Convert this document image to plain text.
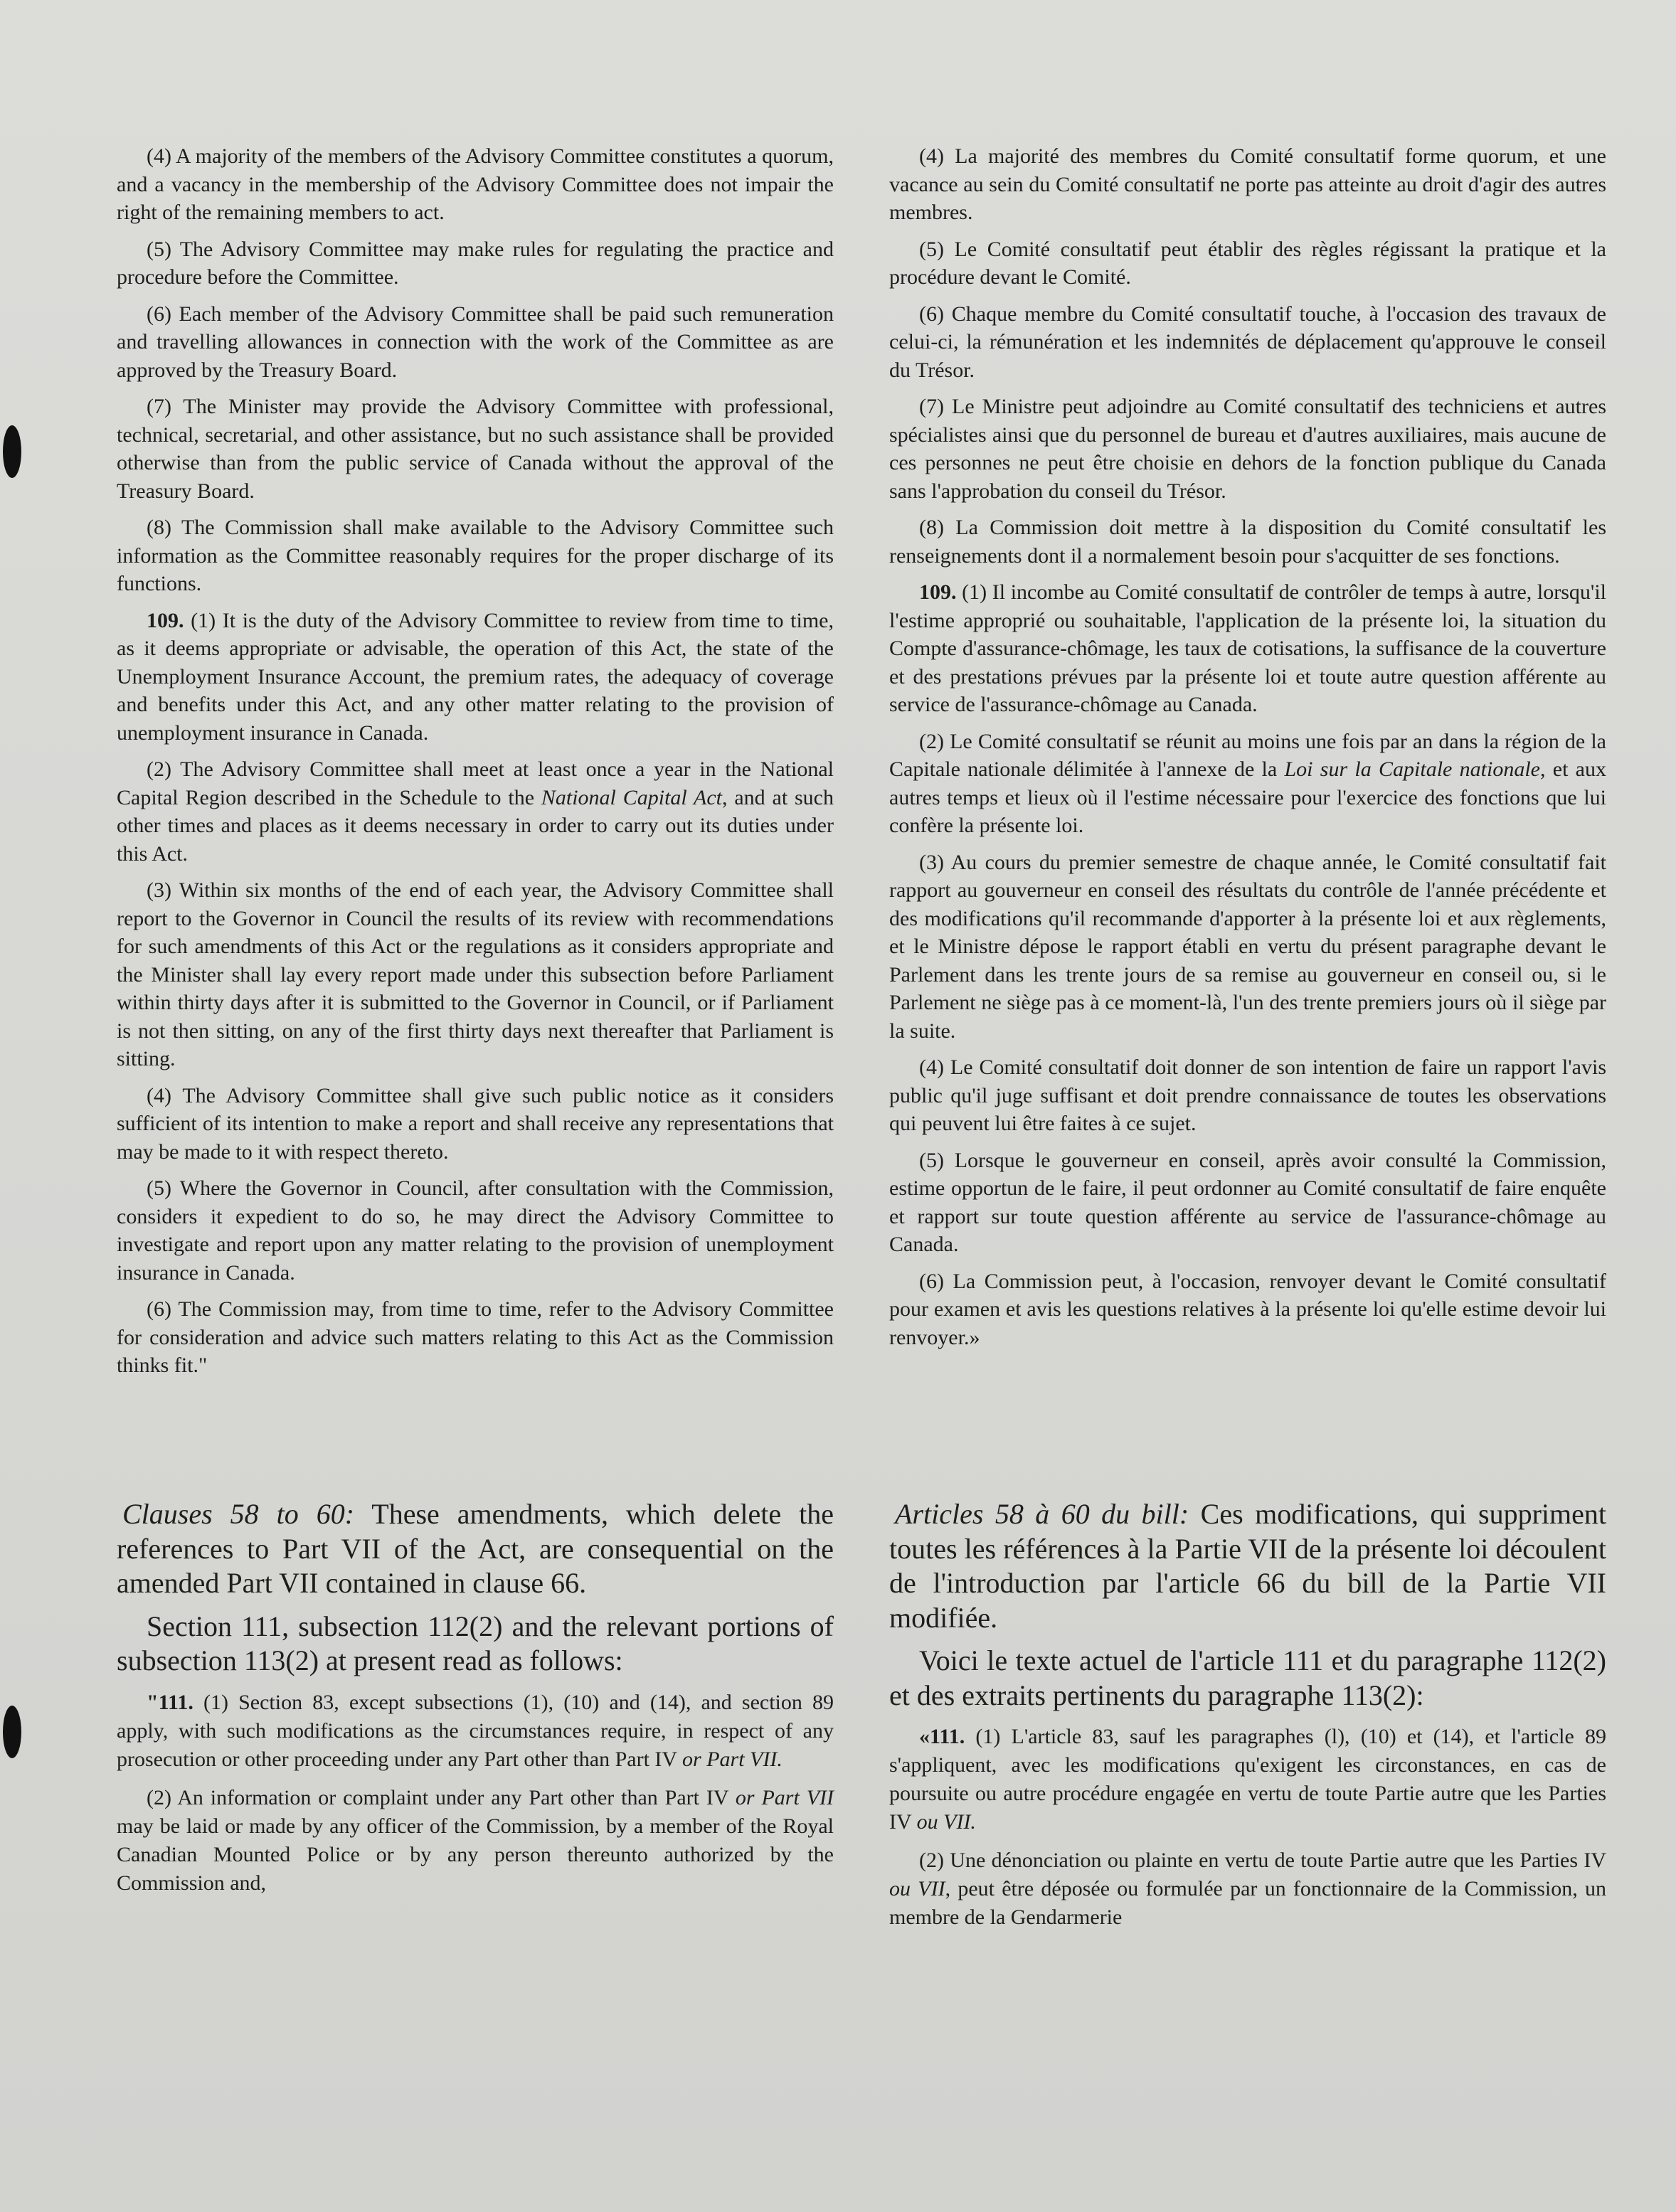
(4) A majority of the members of the Advisory Committee constitutes a quorum, and a vacancy in the membership of the Advisory Committee does not impair the right of the remaining members to act.

(5) The Advisory Committee may make rules for regulating the practice and procedure before the Committee.

(6) Each member of the Advisory Committee shall be paid such remuneration and travelling allowances in connection with the work of the Committee as are approved by the Treasury Board.

(7) The Minister may provide the Advisory Committee with professional, technical, secretarial, and other assistance, but no such assistance shall be provided otherwise than from the public service of Canada without the approval of the Treasury Board.

(8) The Commission shall make available to the Advisory Committee such information as the Committee reasonably requires for the proper discharge of its functions.

109. (1) It is the duty of the Advisory Committee to review from time to time, as it deems appropriate or advisable, the operation of this Act, the state of the Unemployment Insurance Account, the premium rates, the adequacy of coverage and benefits under this Act, and any other matter relating to the provision of unemployment insurance in Canada.

(2) The Advisory Committee shall meet at least once a year in the National Capital Region described in the Schedule to the National Capital Act, and at such other times and places as it deems necessary in order to carry out its duties under this Act.

(3) Within six months of the end of each year, the Advisory Committee shall report to the Governor in Council the results of its review with recommendations for such amendments of this Act or the regulations as it considers appropriate and the Minister shall lay every report made under this subsection before Parliament within thirty days after it is submitted to the Governor in Council, or if Parliament is not then sitting, on any of the first thirty days next thereafter that Parliament is sitting.

(4) The Advisory Committee shall give such public notice as it considers sufficient of its intention to make a report and shall receive any representations that may be made to it with respect thereto.

(5) Where the Governor in Council, after consultation with the Commission, considers it expedient to do so, he may direct the Advisory Committee to investigate and report upon any matter relating to the provision of unemployment insurance in Canada.

(6) The Commission may, from time to time, refer to the Advisory Committee for consideration and advice such matters relating to this Act as the Commission thinks fit."

Clauses 58 to 60: These amendments, which delete the references to Part VII of the Act, are consequential on the amended Part VII contained in clause 66.

Section 111, subsection 112(2) and the relevant portions of subsection 113(2) at present read as follows:

"111. (1) Section 83, except subsections (1), (10) and (14), and section 89 apply, with such modifications as the circumstances require, in respect of any prosecution or other proceeding under any Part other than Part IV or Part VII.

(2) An information or complaint under any Part other than Part IV or Part VII may be laid or made by any officer of the Commission, by a member of the Royal Canadian Mounted Police or by any person thereunto authorized by the Commission and,

(4) La majorité des membres du Comité consultatif forme quorum, et une vacance au sein du Comité consultatif ne porte pas atteinte au droit d'agir des autres membres.

(5) Le Comité consultatif peut établir des règles régissant la pratique et la procédure devant le Comité.

(6) Chaque membre du Comité consultatif touche, à l'occasion des travaux de celui-ci, la rémunération et les indemnités de déplacement qu'approuve le conseil du Trésor.

(7) Le Ministre peut adjoindre au Comité consultatif des techniciens et autres spécialistes ainsi que du personnel de bureau et d'autres auxiliaires, mais aucune de ces personnes ne peut être choisie en dehors de la fonction publique du Canada sans l'approbation du conseil du Trésor.

(8) La Commission doit mettre à la disposition du Comité consultatif les renseignements dont il a normalement besoin pour s'acquitter de ses fonctions.

109. (1) Il incombe au Comité consultatif de contrôler de temps à autre, lorsqu'il l'estime approprié ou souhaitable, l'application de la présente loi, la situation du Compte d'assurance-chômage, les taux de cotisations, la suffisance de la couverture et des prestations prévues par la présente loi et toute autre question afférente au service de l'assurance-chômage au Canada.

(2) Le Comité consultatif se réunit au moins une fois par an dans la région de la Capitale nationale délimitée à l'annexe de la Loi sur la Capitale nationale, et aux autres temps et lieux où il l'estime nécessaire pour l'exercice des fonctions que lui confère la présente loi.

(3) Au cours du premier semestre de chaque année, le Comité consultatif fait rapport au gouverneur en conseil des résultats du contrôle de l'année précédente et des modifications qu'il recommande d'apporter à la présente loi et aux règlements, et le Ministre dépose le rapport établi en vertu du présent paragraphe devant le Parlement dans les trente jours de sa remise au gouverneur en conseil ou, si le Parlement ne siège pas à ce moment-là, l'un des trente premiers jours où il siège par la suite.

(4) Le Comité consultatif doit donner de son intention de faire un rapport l'avis public qu'il juge suffisant et doit prendre connaissance de toutes les observations qui peuvent lui être faites à ce sujet.

(5) Lorsque le gouverneur en conseil, après avoir consulté la Commission, estime opportun de le faire, il peut ordonner au Comité consultatif de faire enquête et rapport sur toute question afférente au service de l'assurance-chômage au Canada.

(6) La Commission peut, à l'occasion, renvoyer devant le Comité consultatif pour examen et avis les questions relatives à la présente loi qu'elle estime devoir lui renvoyer.»

Articles 58 à 60 du bill: Ces modifications, qui suppriment toutes les références à la Partie VII de la présente loi découlent de l'introduction par l'article 66 du bill de la Partie VII modifiée.

Voici le texte actuel de l'article 111 et du paragraphe 112(2) et des extraits pertinents du paragraphe 113(2):

«111. (1) L'article 83, sauf les paragraphes (l), (10) et (14), et l'article 89 s'appliquent, avec les modifications qu'exigent les circonstances, en cas de poursuite ou autre procédure engagée en vertu de toute Partie autre que les Parties IV ou VII.

(2) Une dénonciation ou plainte en vertu de toute Partie autre que les Parties IV ou VII, peut être déposée ou formulée par un fonctionnaire de la Commission, un membre de la Gendarmerie
